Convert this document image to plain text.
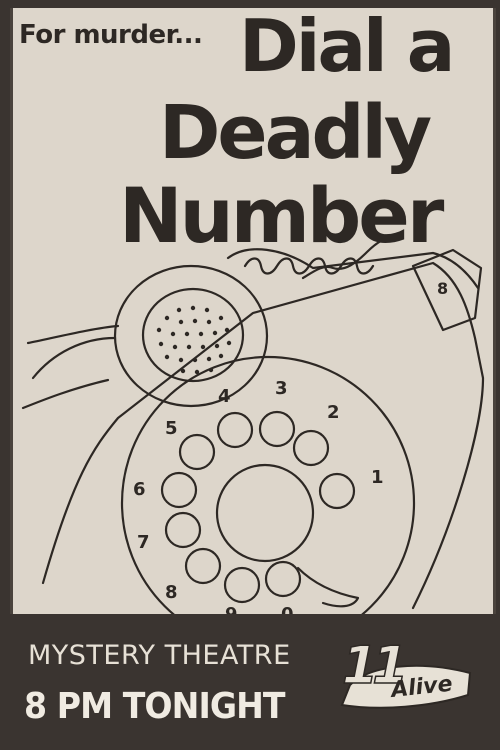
1
2
3
4
5
6
7
8
8
For murder... Dial a
Deadly
Number
MYSTERY THEATRE
8 PM TONIGHT
11
Alive
